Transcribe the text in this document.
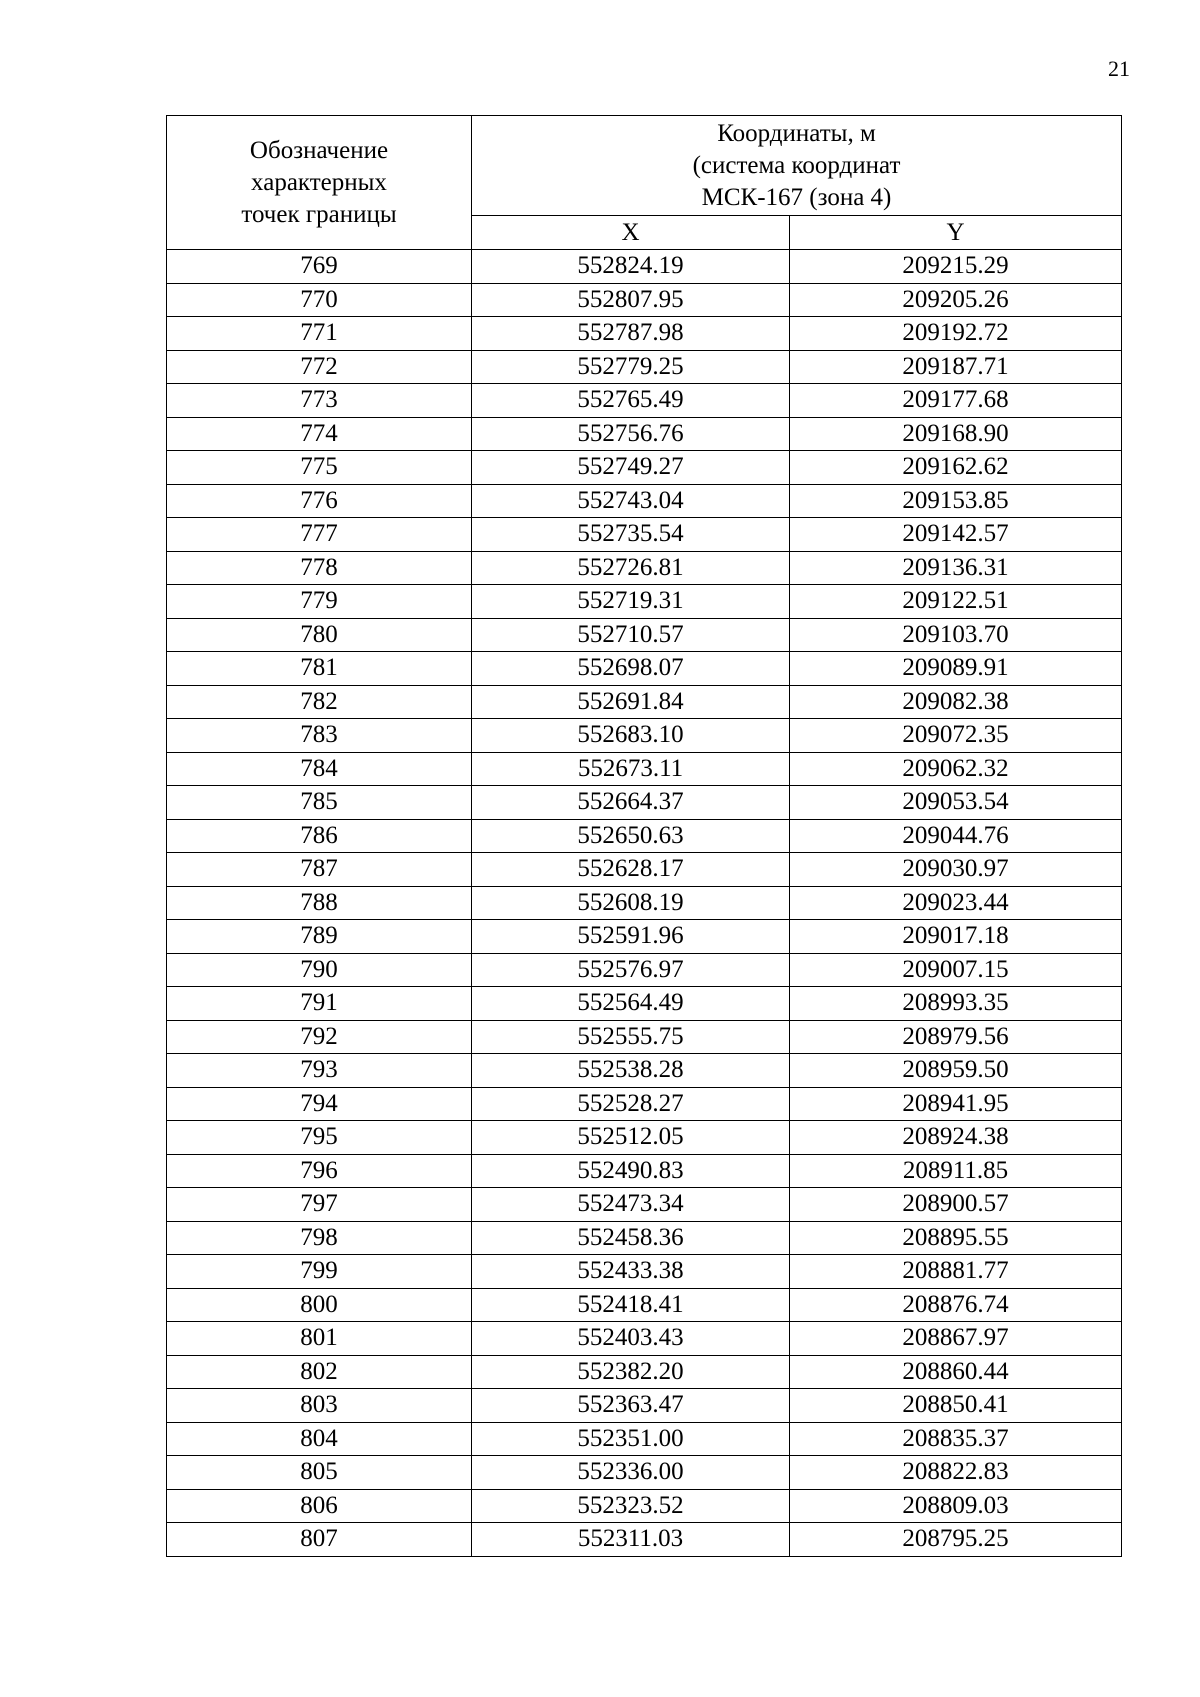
21
Обозначение
характерных
точек границы	Координаты, м
(система координат
МСК-167 (зона 4)	

	X	Y
769	552824.19	209215.29
770	552807.95	209205.26
771	552787.98	209192.72
772	552779.25	209187.71
773	552765.49	209177.68
774	552756.76	209168.90
775	552749.27	209162.62
776	552743.04	209153.85
777	552735.54	209142.57
778	552726.81	209136.31
779	552719.31	209122.51
780	552710.57	209103.70
781	552698.07	209089.91
782	552691.84	209082.38
783	552683.10	209072.35
784	552673.11	209062.32
785	552664.37	209053.54
786	552650.63	209044.76
787	552628.17	209030.97
788	552608.19	209023.44
789	552591.96	209017.18
790	552576.97	209007.15
791	552564.49	208993.35
792	552555.75	208979.56
793	552538.28	208959.50
794	552528.27	208941.95
795	552512.05	208924.38
796	552490.83	208911.85
797	552473.34	208900.57
798	552458.36	208895.55
799	552433.38	208881.77
800	552418.41	208876.74
801	552403.43	208867.97
802	552382.20	208860.44
803	552363.47	208850.41
804	552351.00	208835.37
805	552336.00	208822.83
806	552323.52	208809.03
807	552311.03	208795.25
